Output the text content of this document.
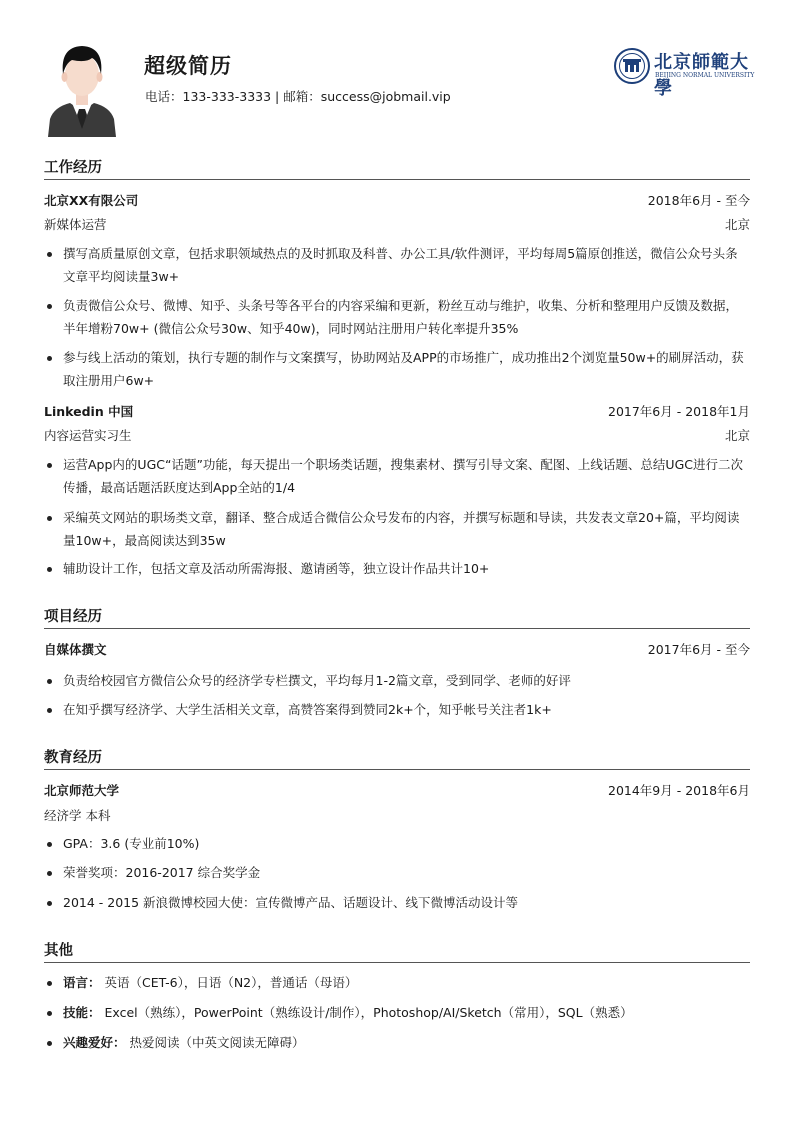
超级简历
电话：133-333-3333 | 邮箱：success@jobmail.vip
北京師範大學
BEIJING NORMAL UNIVERSITY
工作经历
北京XX有限公司	2018年6月 - 至今
新媒体运营	北京
撰写高质量原创文章，包括求职领域热点的及时抓取及科普、办公工具/软件测评，平均每周5篇原创推送，微信公众号头条文章平均阅读量3w+
负责微信公众号、微博、知乎、头条号等各平台的内容采编和更新，粉丝互动与维护，收集、分析和整理用户反馈及数据，半年增粉70w+ (微信公众号30w、知乎40w)，同时网站注册用户转化率提升35%
参与线上活动的策划，执行专题的制作与文案撰写，协助网站及APP的市场推广，成功推出2个浏览量50w+的刷屏活动，获取注册用户6w+
Linkedin 中国	2017年6月 - 2018年1月
内容运营实习生	北京
运营App内的UGC“话题”功能，每天提出一个职场类话题，搜集素材、撰写引导文案、配图、上线话题、总结UGC进行二次传播，最高话题活跃度达到App全站的1/4
采编英文网站的职场类文章，翻译、整合成适合微信公众号发布的内容，并撰写标题和导读，共发表文章20+篇，平均阅读量10w+，最高阅读达到35w
辅助设计工作，包括文章及活动所需海报、邀请函等，独立设计作品共计10+
项目经历
自媒体撰文	2017年6月 - 至今
负责给校园官方微信公众号的经济学专栏撰文，平均每月1-2篇文章，受到同学、老师的好评
在知乎撰写经济学、大学生活相关文章，高赞答案得到赞同2k+个，知乎帐号关注者1k+
教育经历
北京师范大学	2014年9月 - 2018年6月
经济学 本科
GPA：3.6 (专业前10%)
荣誉奖项：2016-2017 综合奖学金
2014 - 2015 新浪微博校园大使：宣传微博产品、话题设计、线下微博活动设计等
其他
语言： 英语（CET-6），日语（N2），普通话（母语）
技能： Excel（熟练），PowerPoint（熟练设计/制作），Photoshop/AI/Sketch（常用），SQL（熟悉）
兴趣爱好： 热爱阅读（中英文阅读无障碍）
